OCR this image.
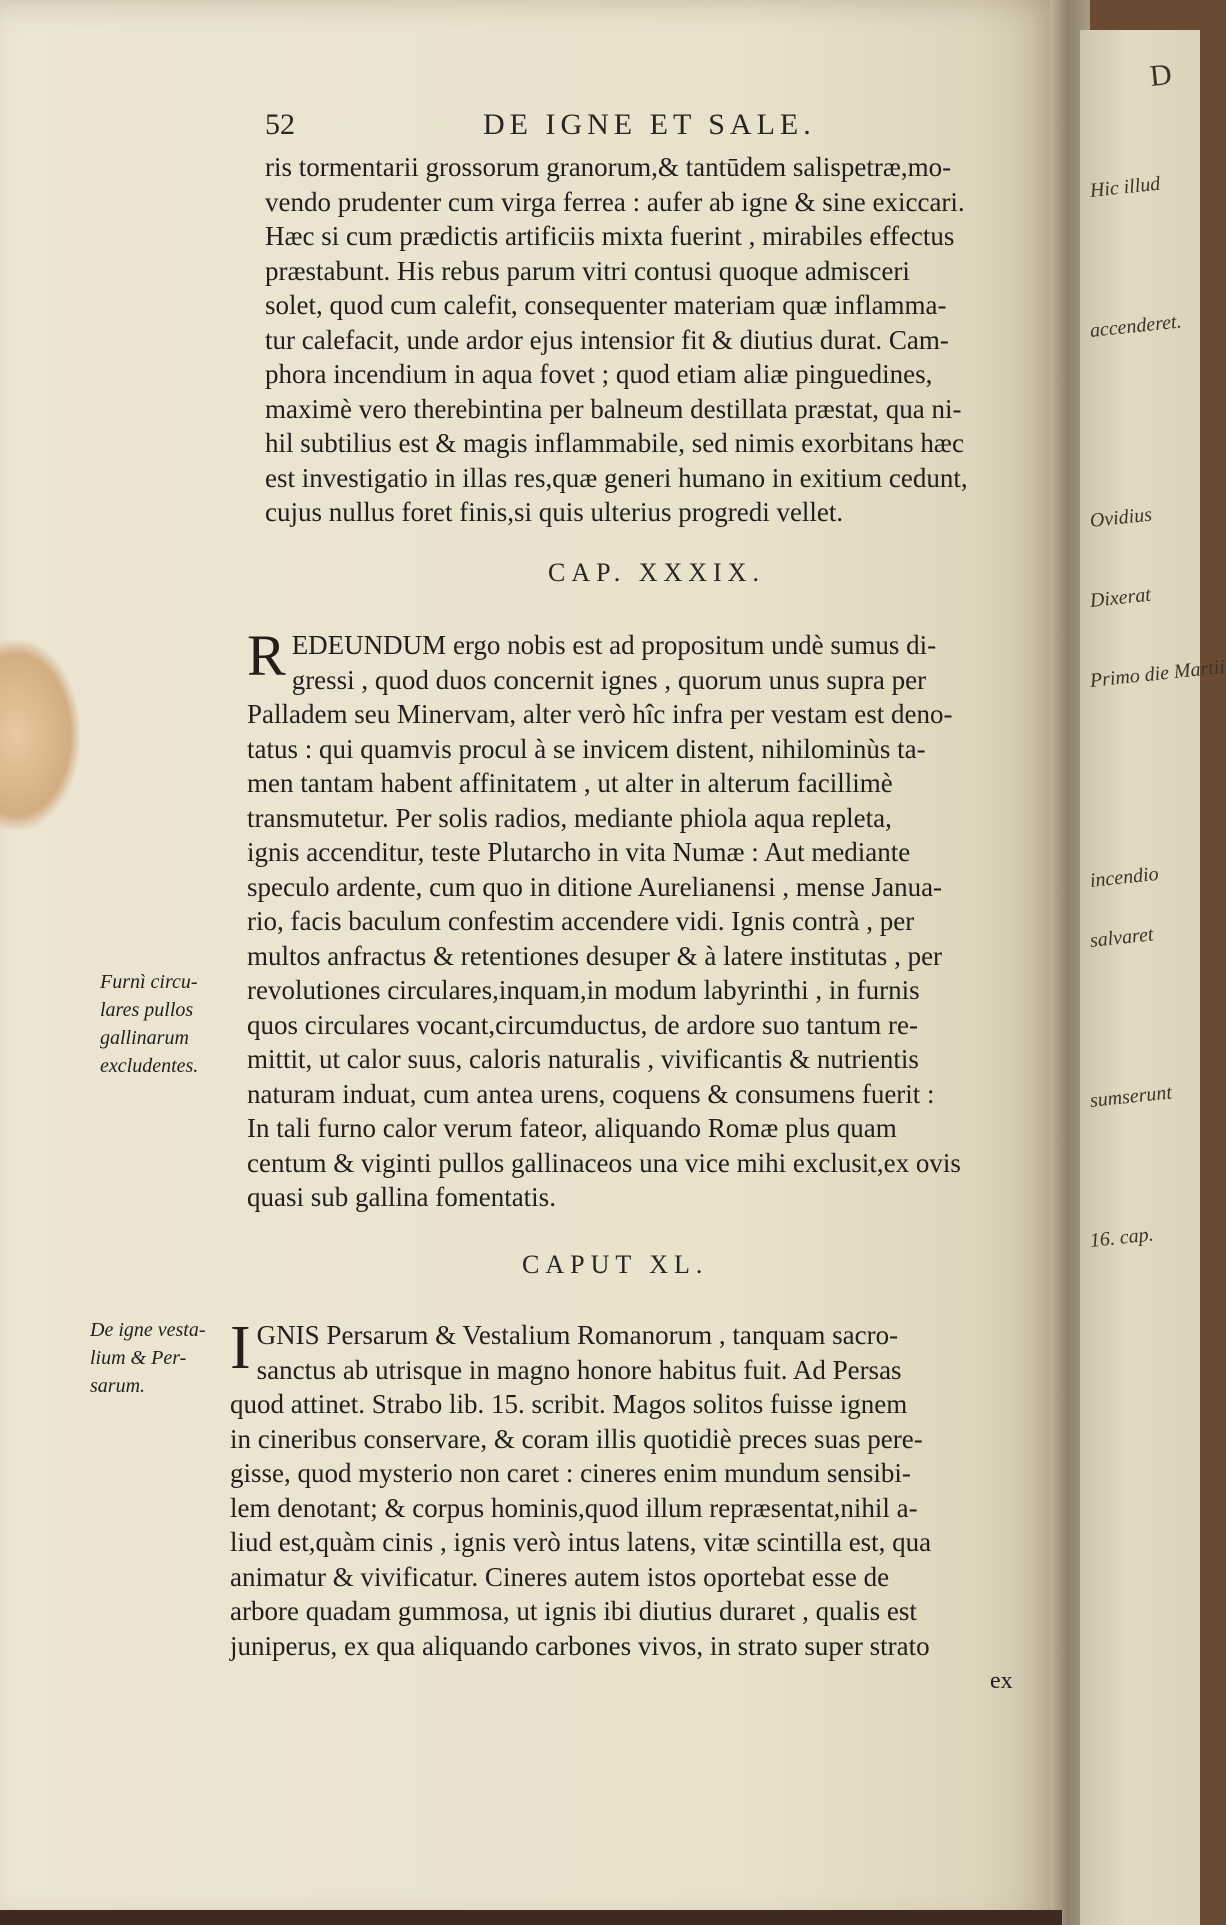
52	DE IGNE ET SALE.
ris tormentarii grossorum granorum,& tantūdem salispetræ,mo-
vendo prudenter cum virga ferrea : aufer ab igne & sine exiccari.
Hæc si cum prædictis artificiis mixta fuerint , mirabiles effectus
præstabunt. His rebus parum vitri contusi quoque admisceri
solet, quod cum calefit, consequenter materiam quæ inflamma-
tur calefacit, unde ardor ejus intensior fit & diutius durat. Cam-
phora incendium in aqua fovet ; quod etiam aliæ pinguedines,
maximè vero therebintina per balneum destillata præstat, qua ni-
hil subtilius est & magis inflammabile, sed nimis exorbitans hæc
est investigatio in illas res,quæ generi humano in exitium cedunt,
cujus nullus foret finis,si quis ulterius progredi vellet.
CAP. XXXIX.
REDEUNDUM ergo nobis est ad propositum undè sumus di-
gressi , quod duos concernit ignes , quorum unus supra per
Palladem seu Minervam, alter verò hîc infra per vestam est deno-
tatus : qui quamvis procul à se invicem distent, nihilominùs ta-
men tantam habent affinitatem , ut alter in alterum facillimè
transmutetur. Per solis radios, mediante phiola aqua repleta,
ignis accenditur, teste Plutarcho in vita Numæ : Aut mediante
speculo ardente, cum quo in ditione Aurelianensi , mense Janua-
rio, facis baculum confestim accendere vidi. Ignis contrà , per
multos anfractus & retentiones desuper & à latere institutas , per
revolutiones circulares,inquam,in modum labyrinthi , in furnis
quos circulares vocant,circumductus, de ardore suo tantum re-
mittit, ut calor suus, caloris naturalis , vivificantis & nutrientis
naturam induat, cum antea urens, coquens & consumens fuerit :
In tali furno calor verum fateor, aliquando Romæ plus quam
centum & viginti pullos gallinaceos una vice mihi exclusit,ex ovis
quasi sub gallina fomentatis.
Furnì circu-
lares pullos
gallinarum
excludentes.
CAPUT XL.
IGNIS Persarum & Vestalium Romanorum , tanquam sacro-
sanctus ab utrisque in magno honore habitus fuit. Ad Persas
quod attinet. Strabo lib. 15. scribit. Magos solitos fuisse ignem
in cineribus conservare, & coram illis quotidiè preces suas pere-
gisse, quod mysterio non caret : cineres enim mundum sensibi-
lem denotant; & corpus hominis,quod illum repræsentat,nihil a-
liud est,quàm cinis , ignis verò intus latens, vitæ scintilla est, qua
animatur & vivificatur. Cineres autem istos oportebat esse de
arbore quadam gummosa, ut ignis ibi diutius duraret , qualis est
juniperus, ex qua aliquando carbones vivos, in strato super strato
De igne vesta-
lium & Per-
sarum.
ex
D
Hic illud
accenderet.
Ovidius
Dixerat
Primo die Martii
incendio
salvaret
sumserunt
16. cap.
